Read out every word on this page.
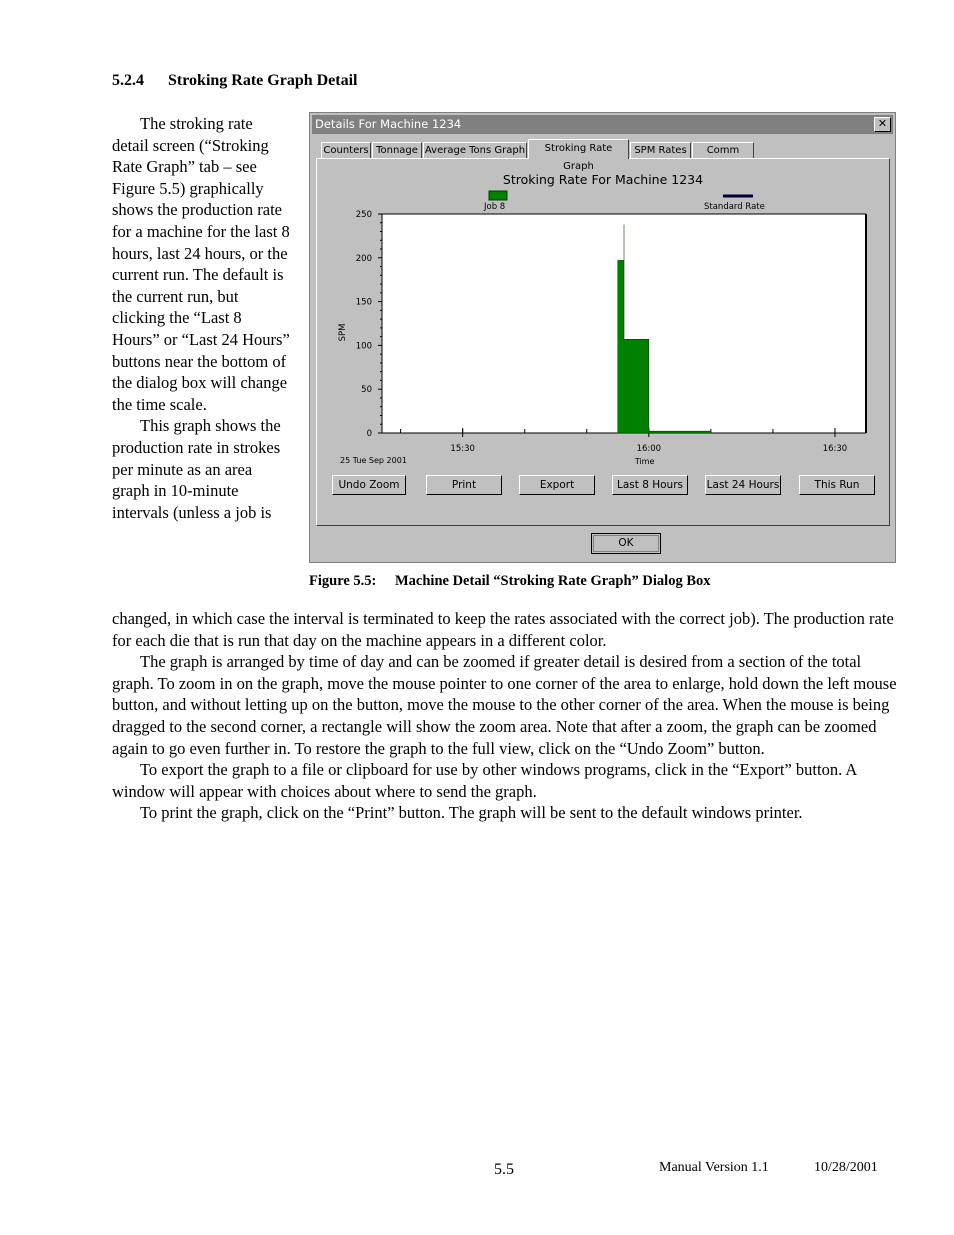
5.2.4 Stroking Rate Graph Detail

The stroking rate detail screen (“Stroking Rate Graph” tab – see Figure 5.5) graphically shows the production rate for a machine for the last 8 hours, last 24 hours, or the current run. The default is the current run, but clicking the “Last 8 Hours” or “Last 24 Hours” buttons near the bottom of the dialog box will change the time scale.

This graph shows the production rate in strokes per minute as an area graph in 10-minute intervals (unless a job is

Details For Machine 1234	✕
Counters Tonnage Average Tons Graph	Stroking Rate Graph
SPM Rates	Comm
Stroking Rate For Machine 1234
Job 8	Standard Rate
0
50
100
150
200
250
SPM
15:30	16:00	16:30
25 Tue Sep 2001	Time
Undo Zoom	Print	Export	Last 8 Hours	Last 24 Hours	This Run
OK
Figure 5.5: Machine Detail “Stroking Rate Graph” Dialog Box

changed, in which case the interval is terminated to keep the rates associated with the correct job). The production rate for each die that is run that day on the machine appears in a different color.

The graph is arranged by time of day and can be zoomed if greater detail is desired from a section of the total graph. To zoom in on the graph, move the mouse pointer to one corner of the area to enlarge, hold down the left mouse button, and without letting up on the button, move the mouse to the other corner of the area. When the mouse is being dragged to the second corner, a rectangle will show the zoom area. Note that after a zoom, the graph can be zoomed again to go even further in. To restore the graph to the full view, click on the “Undo Zoom” button.

To export the graph to a file or clipboard for use by other windows programs, click in the “Export” button. A window will appear with choices about where to send the graph.

To print the graph, click on the “Print” button. The graph will be sent to the default windows printer.

5.5	Manual Version 1.1	10/28/2001
